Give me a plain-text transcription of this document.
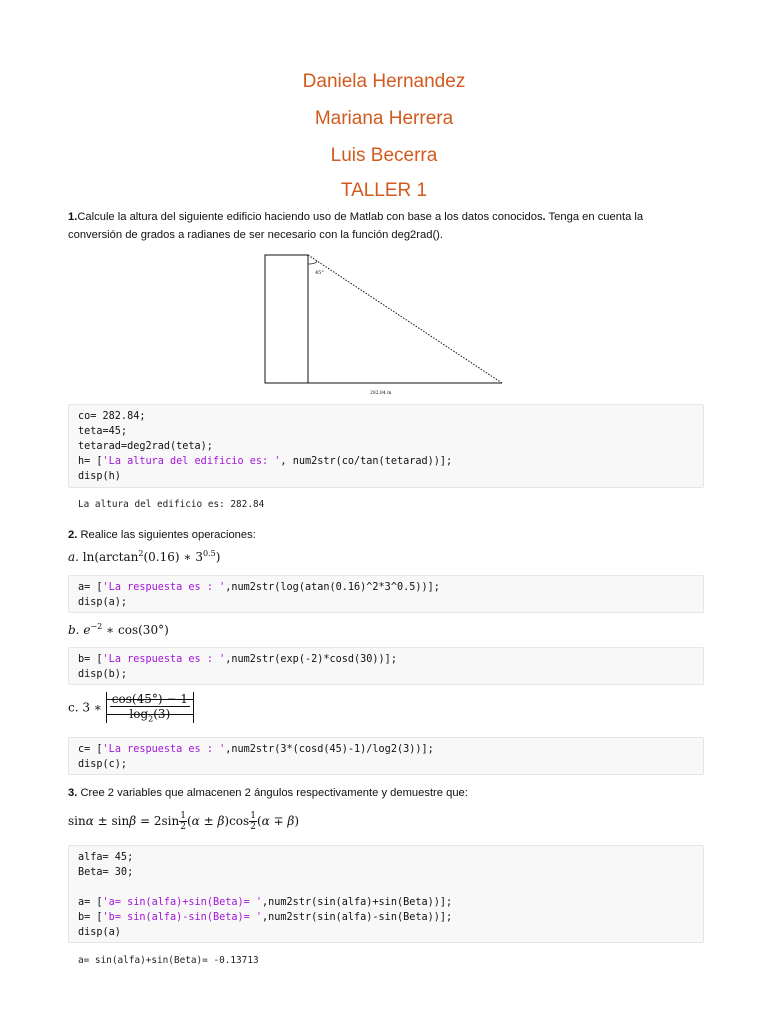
Daniela Hernandez
Mariana Herrera
Luis Becerra
TALLER 1
1.Calcule la altura del siguiente edificio haciendo uso de Matlab con base a los datos conocidos. Tenga en cuenta la
conversión de grados a radianes de ser necesario con la función deg2rad().
45°
282.84 m
co= 282.84;
teta=45;
tetarad=deg2rad(teta);
h= ['La altura del edificio es: ', num2str(co/tan(tetarad))];
disp(h)
La altura del edificio es: 282.84
2. Realice las siguientes operaciones:
a. $\ln(\arctan^2(0.16)$ ∗ $3^{0.5}$)
a= ['La respuesta es : ',num2str(log(atan(0.16)^2*3^0.5))];
disp(a);
b. $e^{-2}$ ∗ cos(30°)
b= ['La respuesta es : ',num2str(exp(-2)*cosd(30))];
disp(b);
c. 3 ∗ $\frac{\cos(45^\circ) - 1}{\log_2(3)}$
c= ['La respuesta es : ',num2str(3*(cosd(45)-1)/log2(3))];
disp(c);
3. Cree 2 variables que almacenen 2 ángulos respectivamente y demuestre que:
$\sin\alpha \pm \sin\beta = 2\sin \frac{1}{2} (\alpha \pm \beta)\cos \frac{1}{2} (\alpha \mp \beta)$
alfa= 45;
Beta= 30;

a= ['a= sin(alfa)+sin(Beta)= ',num2str(sin(alfa)+sin(Beta))];
b= ['b= sin(alfa)-sin(Beta)= ',num2str(sin(alfa)-sin(Beta))];
disp(a)
a= sin(alfa)+sin(Beta)= -0.13713
